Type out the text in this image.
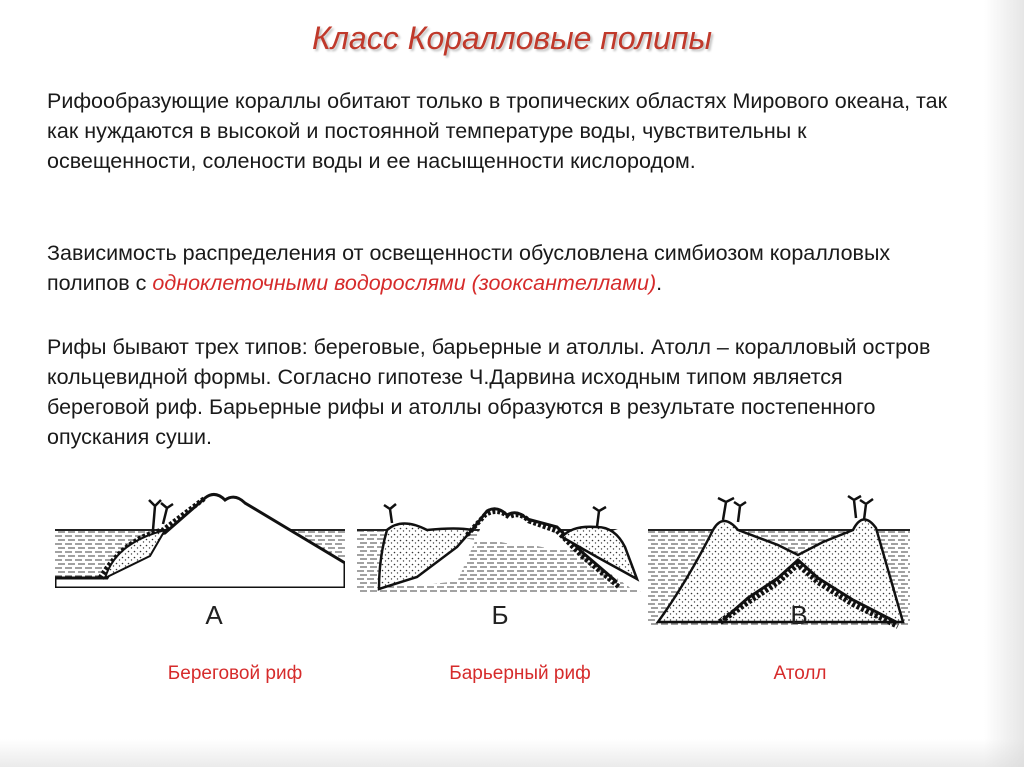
Класс Коралловые полипы

Рифообразующие кораллы обитают только в тропических областях Мирового океана, так как нуждаются в высокой и постоянной температуре воды, чувствительны к освещенности, солености воды и ее насыщенности кислородом.

Зависимость распределения от освещенности обусловлена симбиозом коралловых полипов с одноклеточными водорослями (зооксантеллами).

Рифы бывают трех типов: береговые, барьерные и атоллы. Атолл – коралловый остров кольцевидной формы. Согласно гипотезе Ч.Дарвина исходным типом является береговой риф. Барьерные рифы и атоллы образуются в результате постепенного опускания суши.

А	Б	В
Береговой риф	Барьерный риф	Атолл
